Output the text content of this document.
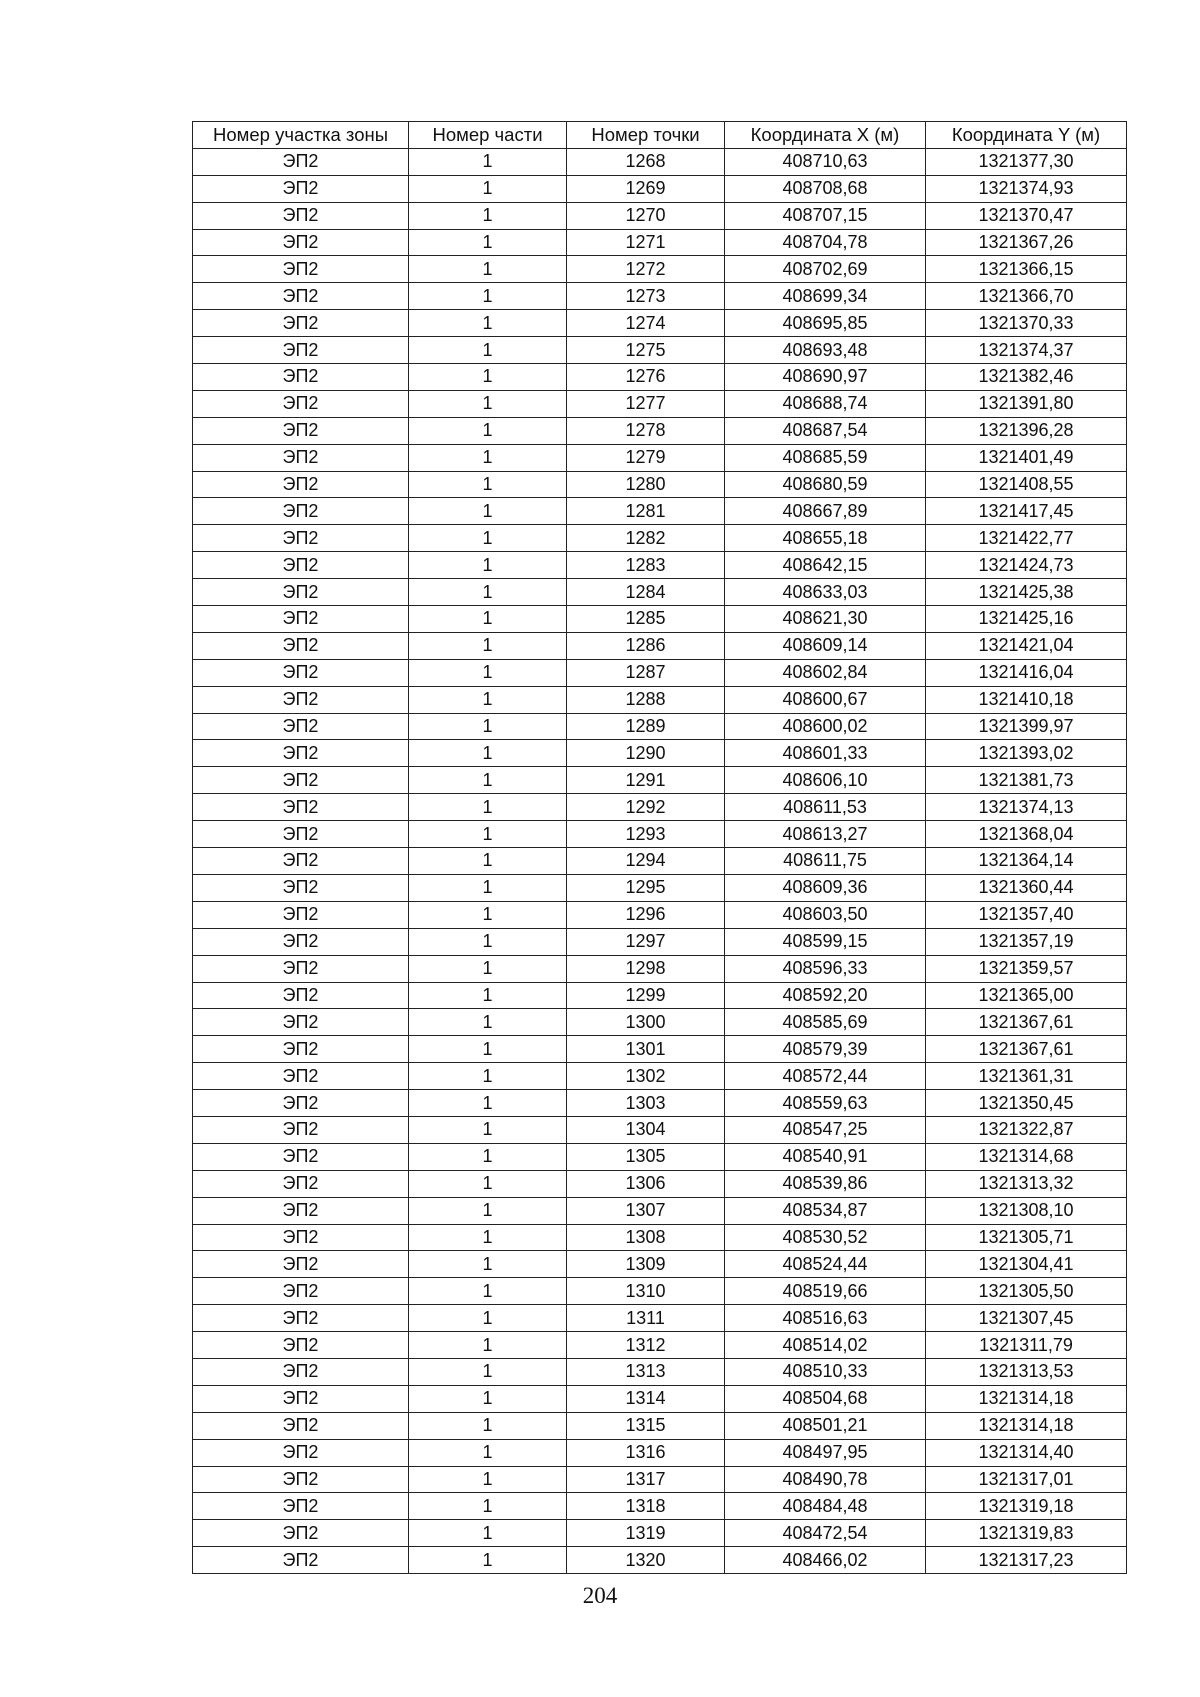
Номер участка зоны	Номер части	Номер точки	Координата X (м)	Координата Y (м)
ЭП2	1	1268	408710,63	1321377,30
ЭП2	1	1269	408708,68	1321374,93
ЭП2	1	1270	408707,15	1321370,47
ЭП2	1	1271	408704,78	1321367,26
ЭП2	1	1272	408702,69	1321366,15
ЭП2	1	1273	408699,34	1321366,70
ЭП2	1	1274	408695,85	1321370,33
ЭП2	1	1275	408693,48	1321374,37
ЭП2	1	1276	408690,97	1321382,46
ЭП2	1	1277	408688,74	1321391,80
ЭП2	1	1278	408687,54	1321396,28
ЭП2	1	1279	408685,59	1321401,49
ЭП2	1	1280	408680,59	1321408,55
ЭП2	1	1281	408667,89	1321417,45
ЭП2	1	1282	408655,18	1321422,77
ЭП2	1	1283	408642,15	1321424,73
ЭП2	1	1284	408633,03	1321425,38
ЭП2	1	1285	408621,30	1321425,16
ЭП2	1	1286	408609,14	1321421,04
ЭП2	1	1287	408602,84	1321416,04
ЭП2	1	1288	408600,67	1321410,18
ЭП2	1	1289	408600,02	1321399,97
ЭП2	1	1290	408601,33	1321393,02
ЭП2	1	1291	408606,10	1321381,73
ЭП2	1	1292	408611,53	1321374,13
ЭП2	1	1293	408613,27	1321368,04
ЭП2	1	1294	408611,75	1321364,14
ЭП2	1	1295	408609,36	1321360,44
ЭП2	1	1296	408603,50	1321357,40
ЭП2	1	1297	408599,15	1321357,19
ЭП2	1	1298	408596,33	1321359,57
ЭП2	1	1299	408592,20	1321365,00
ЭП2	1	1300	408585,69	1321367,61
ЭП2	1	1301	408579,39	1321367,61
ЭП2	1	1302	408572,44	1321361,31
ЭП2	1	1303	408559,63	1321350,45
ЭП2	1	1304	408547,25	1321322,87
ЭП2	1	1305	408540,91	1321314,68
ЭП2	1	1306	408539,86	1321313,32
ЭП2	1	1307	408534,87	1321308,10
ЭП2	1	1308	408530,52	1321305,71
ЭП2	1	1309	408524,44	1321304,41
ЭП2	1	1310	408519,66	1321305,50
ЭП2	1	1311	408516,63	1321307,45
ЭП2	1	1312	408514,02	1321311,79
ЭП2	1	1313	408510,33	1321313,53
ЭП2	1	1314	408504,68	1321314,18
ЭП2	1	1315	408501,21	1321314,18
ЭП2	1	1316	408497,95	1321314,40
ЭП2	1	1317	408490,78	1321317,01
ЭП2	1	1318	408484,48	1321319,18
ЭП2	1	1319	408472,54	1321319,83
ЭП2	1	1320	408466,02	1321317,23
204
